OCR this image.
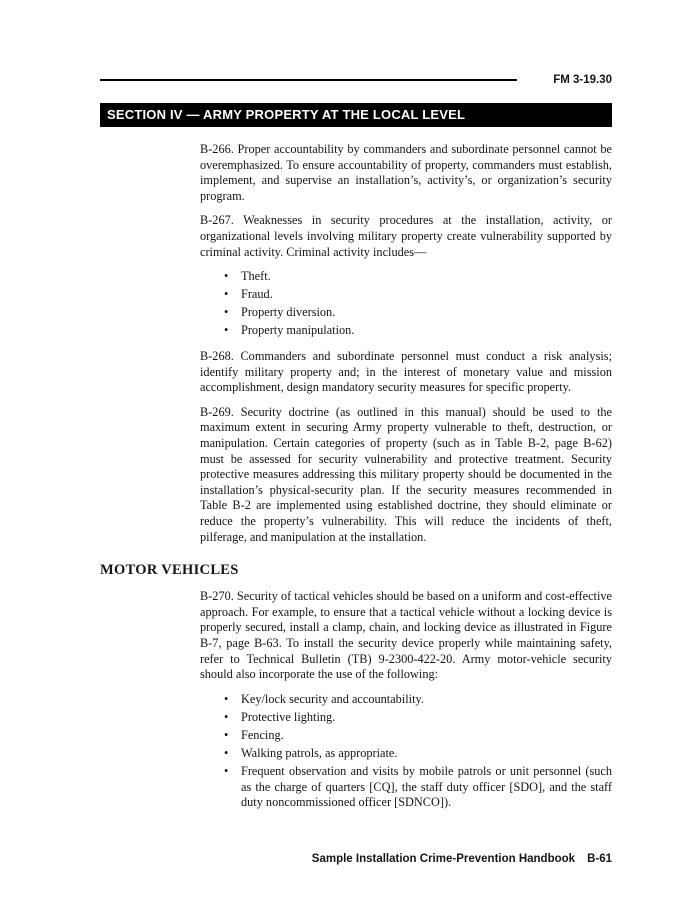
FM 3-19.30
SECTION IV — ARMY PROPERTY AT THE LOCAL LEVEL

B-266. Proper accountability by commanders and subordinate personnel cannot be overemphasized. To ensure accountability of property, commanders must establish, implement, and supervise an installation’s, activity’s, or organization’s security program.

B-267. Weaknesses in security procedures at the installation, activity, or organizational levels involving military property create vulnerability supported by criminal activity. Criminal activity includes—

• Theft.
• Fraud.
• Property diversion.
• Property manipulation.

B-268. Commanders and subordinate personnel must conduct a risk analysis; identify military property and; in the interest of monetary value and mission accomplishment, design mandatory security measures for specific property.

B-269. Security doctrine (as outlined in this manual) should be used to the maximum extent in securing Army property vulnerable to theft, destruction, or manipulation. Certain categories of property (such as in Table B-2, page B-62) must be assessed for security vulnerability and protective treatment. Security protective measures addressing this military property should be documented in the installation’s physical-security plan. If the security measures recommended in Table B-2 are implemented using established doctrine, they should eliminate or reduce the property’s vulnerability. This will reduce the incidents of theft, pilferage, and manipulation at the installation.

MOTOR VEHICLES

B-270. Security of tactical vehicles should be based on a uniform and cost-effective approach. For example, to ensure that a tactical vehicle without a locking device is properly secured, install a clamp, chain, and locking device as illustrated in Figure B-7, page B-63. To install the security device properly while maintaining safety, refer to Technical Bulletin (TB) 9-2300-422-20. Army motor-vehicle security should also incorporate the use of the following:

• Key/lock security and accountability.
• Protective lighting.
• Fencing.
• Walking patrols, as appropriate.
• Frequent observation and visits by mobile patrols or unit personnel (such as the charge of quarters [CQ], the staff duty officer [SDO], and the staff duty noncommissioned officer [SDNCO]).
Sample Installation Crime-Prevention Handbook B-61
